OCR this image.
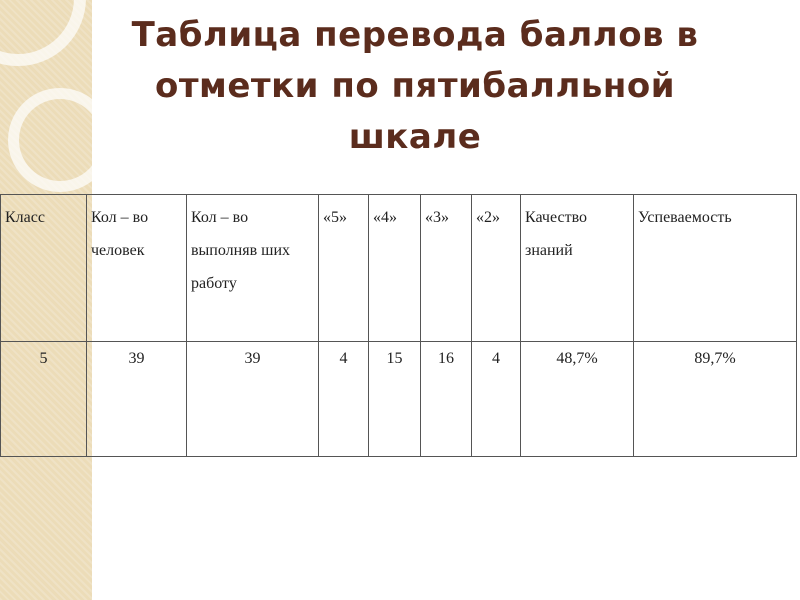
Таблица перевода баллов в отметки по пятибалльной шкале
Класс	Кол – во человек	Кол – во выполняв ших работу	«5»	«4»	«3»	«2»	Качество знаний	Успеваемость
5	39	39	4	15	16	4	48,7%	89,7%
